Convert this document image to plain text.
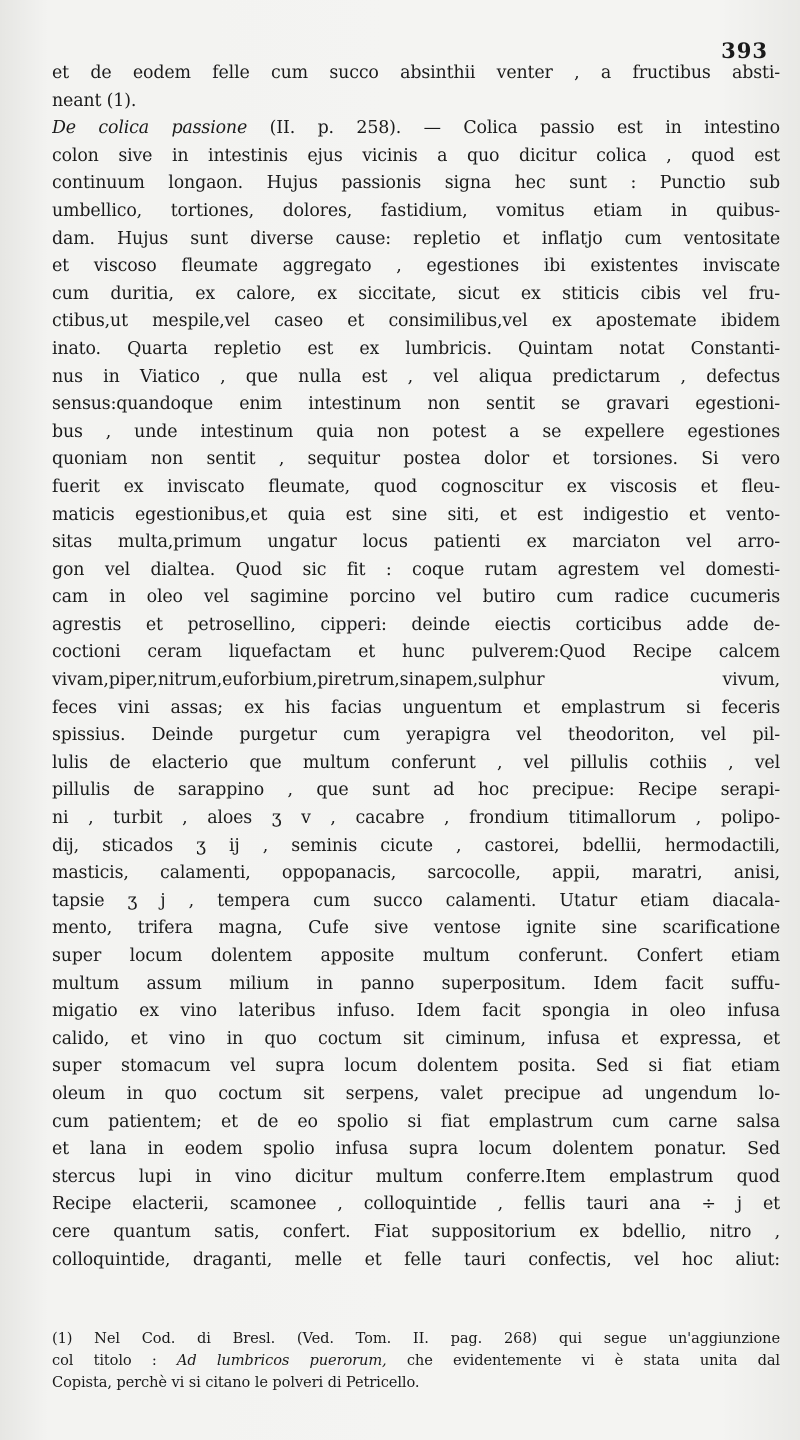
393
et de eodem felle cum succo absinthii venter , a fructibus absti-
neant (1).
De colica passione (II. p. 258). — Colica passio est in intestino
colon sive in intestinis ejus vicinis a quo dicitur colica , quod est
continuum longaon. Hujus passionis signa hec sunt : Punctio sub
umbellico, tortiones, dolores, fastidium, vomitus etiam in quibus-
dam. Hujus sunt diverse cause: repletio et inflatjo cum ventositate
et viscoso fleumate aggregato , egestiones ibi existentes inviscate
cum duritia, ex calore, ex siccitate, sicut ex stiticis cibis vel fru-
ctibus,ut mespile,vel caseo et consimilibus,vel ex apostemate ibidem
inato. Quarta repletio est ex lumbricis. Quintam notat Constanti-
nus in Viatico , que nulla est , vel aliqua predictarum , defectus
sensus:quandoque enim intestinum non sentit se gravari egestioni-
bus , unde intestinum quia non potest a se expellere egestiones
quoniam non sentit , sequitur postea dolor et torsiones. Si vero
fuerit ex inviscato fleumate, quod cognoscitur ex viscosis et fleu-
maticis egestionibus,et quia est sine siti, et est indigestio et vento-
sitas multa,primum ungatur locus patienti ex marciaton vel arro-
gon vel dialtea. Quod sic fit : coque rutam agrestem vel domesti-
cam in oleo vel sagimine porcino vel butiro cum radice cucumeris
agrestis et petrosellino, cipperi: deinde eiectis corticibus adde de-
coctioni ceram liquefactam et hunc pulverem:Quod Recipe calcem
vivam,piper,nitrum,euforbium,piretrum,sinapem,sulphur vivum,
feces vini assas; ex his facias unguentum et emplastrum si feceris
spissius. Deinde purgetur cum yerapigra vel theodoriton, vel pil-
lulis de elacterio que multum conferunt , vel pillulis cothiis , vel
pillulis de sarappino , que sunt ad hoc precipue: Recipe serapi-
ni , turbit , aloes ʒ v , cacabre , frondium titimallorum , polipo-
dij, sticados ʒ ij , seminis cicute , castorei, bdellii, hermodactili,
masticis, calamenti, oppopanacis, sarcocolle, appii, maratri, anisi,
tapsie ʒ j , tempera cum succo calamenti. Utatur etiam diacala-
mento, trifera magna, Cufe sive ventose ignite sine scarificatione
super locum dolentem apposite multum conferunt. Confert etiam
multum assum milium in panno superpositum. Idem facit suffu-
migatio ex vino lateribus infuso. Idem facit spongia in oleo infusa
calido, et vino in quo coctum sit ciminum, infusa et expressa, et
super stomacum vel supra locum dolentem posita. Sed si fiat etiam
oleum in quo coctum sit serpens, valet precipue ad ungendum lo-
cum patientem; et de eo spolio si fiat emplastrum cum carne salsa
et lana in eodem spolio infusa supra locum dolentem ponatur. Sed
stercus lupi in vino dicitur multum conferre.Item emplastrum quod
Recipe elacterii, scamonee , colloquintide , fellis tauri ana ÷ j et
cere quantum satis, confert. Fiat suppositorium ex bdellio, nitro ,
colloquintide, draganti, melle et felle tauri confectis, vel hoc aliut:
(1) Nel Cod. di Bresl. (Ved. Tom. II. pag. 268) qui segue un'aggiunzione
col titolo : Ad lumbricos puerorum, che evidentemente vi è stata unita dal
Copista, perchè vi si citano le polveri di Petricello.
